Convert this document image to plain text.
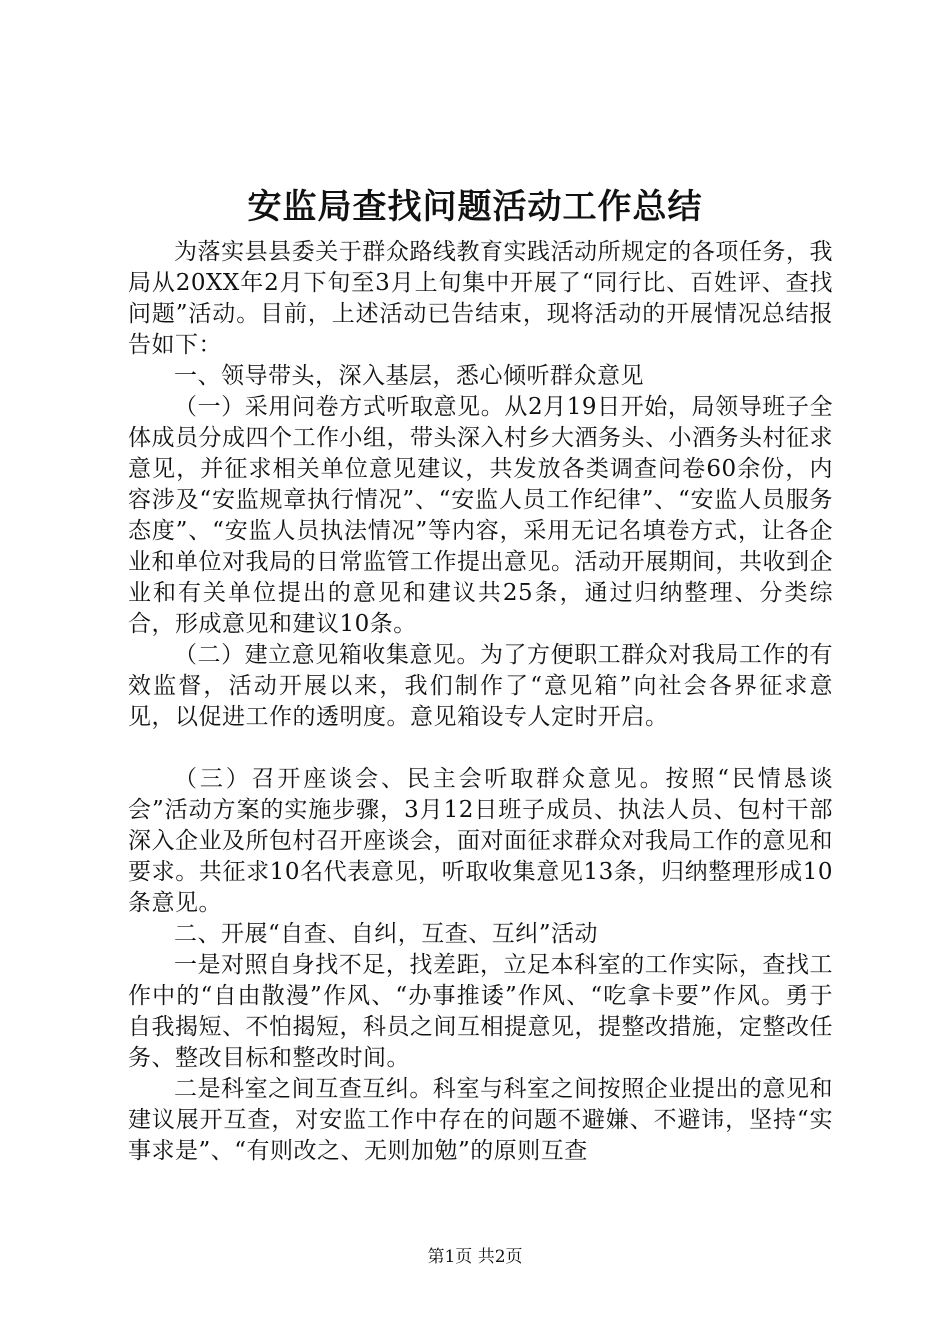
安监局查找问题活动工作总结

为落实县县委关于群众路线教育实践活动所规定的各项任务，我局从20XX年2月下旬至3月上旬集中开展了“同行比、百姓评、查找问题”活动。目前，上述活动已告结束，现将活动的开展情况总结报告如下：

一、领导带头，深入基层，悉心倾听群众意见

（一）采用问卷方式听取意见。从2月19日开始，局领导班子全体成员分成四个工作小组，带头深入村乡大酒务头、小酒务头村征求意见，并征求相关单位意见建议，共发放各类调查问卷60余份，内容涉及“安监规章执行情况”、“安监人员工作纪律”、“安监人员服务态度”、“安监人员执法情况”等内容，采用无记名填卷方式，让各企业和单位对我局的日常监管工作提出意见。活动开展期间，共收到企业和有关单位提出的意见和建议共25条，通过归纳整理、分类综合，形成意见和建议10条。

（二）建立意见箱收集意见。为了方便职工群众对我局工作的有效监督，活动开展以来，我们制作了“意见箱”向社会各界征求意见，以促进工作的透明度。意见箱设专人定时开启。

（三）召开座谈会、民主会听取群众意见。按照“民情恳谈会”活动方案的实施步骤，3月12日班子成员、执法人员、包村干部深入企业及所包村召开座谈会，面对面征求群众对我局工作的意见和要求。共征求10名代表意见，听取收集意见13条，归纳整理形成10条意见。

二、开展“自查、自纠，互查、互纠”活动

一是对照自身找不足，找差距，立足本科室的工作实际，查找工作中的“自由散漫”作风、“办事推诿”作风、“吃拿卡要”作风。勇于自我揭短、不怕揭短，科员之间互相提意见，提整改措施，定整改任务、整改目标和整改时间。

二是科室之间互查互纠。科室与科室之间按照企业提出的意见和建议展开互查，对安监工作中存在的问题不避嫌、不避讳，坚持“实事求是”、“有则改之、无则加勉”的原则互查

第1页 共2页
